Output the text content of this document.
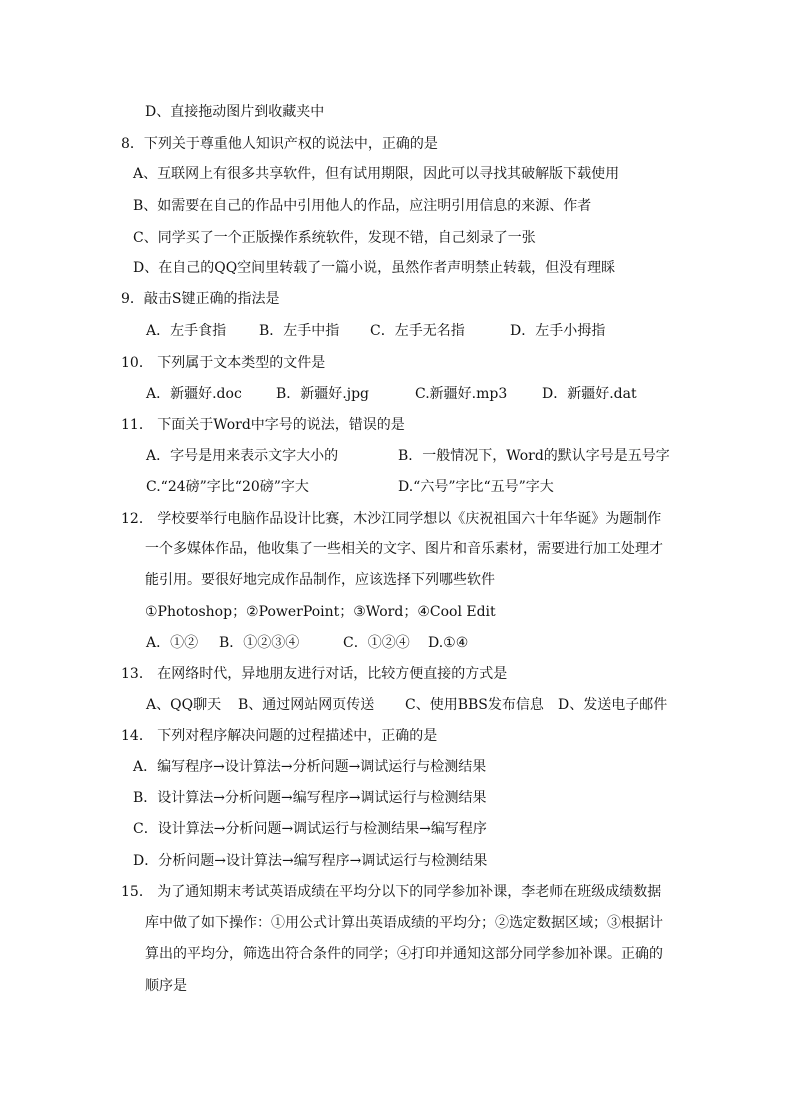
D、直接拖动图片到收藏夹中
8．下列关于尊重他人知识产权的说法中，正确的是
A、互联网上有很多共享软件，但有试用期限，因此可以寻找其破解版下载使用
B、如需要在自己的作品中引用他人的作品，应注明引用信息的来源、作者
C、同学买了一个正版操作系统软件，发现不错，自己刻录了一张
D、在自己的QQ空间里转载了一篇小说，虽然作者声明禁止转载，但没有理睬
9．敲击S键正确的指法是
A．左手食指 B．左手中指 C．左手无名指	D．左手小拇指
10． 下列属于文本类型的文件是
A．新疆好.doc B．新疆好.jpg	C.新疆好.mp3 D．新疆好.dat
11． 下面关于Word中字号的说法，错误的是
A．字号是用来表示文字大小的	B．一般情况下，Word的默认字号是五号字
C.“24磅”字比“20磅”字大	D.“六号”字比“五号”字大
12． 学校要举行电脑作品设计比赛，木沙江同学想以《庆祝祖国六十年华诞》为题制作
一个多媒体作品，他收集了一些相关的文字、图片和音乐素材，需要进行加工处理才
能引用。要很好地完成作品制作，应该选择下列哪些软件
①Photoshop；②PowerPoint；③Word；④Cool Edit
A．①② B．①②③④	C．①②④ D.①④
13． 在网络时代，异地朋友进行对话，比较方便直接的方式是
A、QQ聊天 B、通过网站网页传送 C、使用BBS发布信息 D、发送电子邮件
14． 下列对程序解决问题的过程描述中，正确的是
A．编写程序→设计算法→分析问题→调试运行与检测结果
B．设计算法→分析问题→编写程序→调试运行与检测结果
C．设计算法→分析问题→调试运行与检测结果→编写程序
D．分析问题→设计算法→编写程序→调试运行与检测结果
15． 为了通知期末考试英语成绩在平均分以下的同学参加补课，李老师在班级成绩数据
库中做了如下操作：①用公式计算出英语成绩的平均分；②选定数据区域；③根据计
算出的平均分，筛选出符合条件的同学；④打印并通知这部分同学参加补课。正确的
顺序是
